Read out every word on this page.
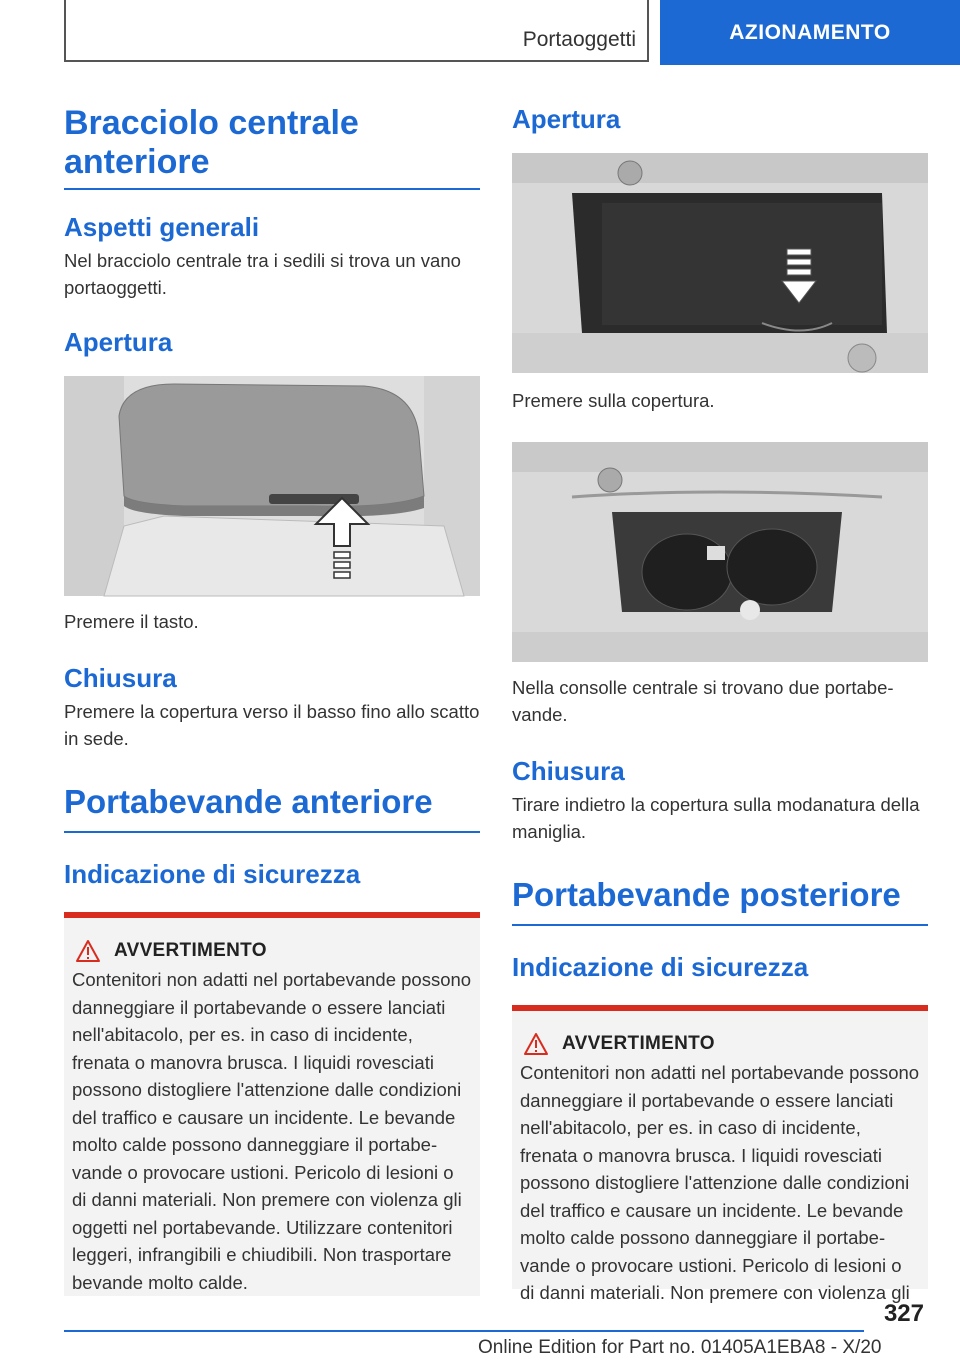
Portaoggetti	AZIONAMENTO
Bracciolo centrale anteriore
Aspetti generali

Nel bracciolo centrale tra i sedili si trova un vano portaoggetti.

Apertura

Premere il tasto.

Chiusura

Premere la copertura verso il basso fino allo scatto in sede.

Portabevande anteriore
Indicazione di sicurezza
AVVERTIMENTO

Contenitori non adatti nel portabevande possono danneggiare il portabevande o essere lanciati nell'abitacolo, per es. in caso di incidente, frenata o manovra brusca. I liquidi rovesciati possono distogliere l'attenzione dalle condizioni del traffico e causare un incidente. Le bevande molto calde possono danneggiare il portabevande o provocare ustioni. Pericolo di lesioni o di danni materiali. Non premere con violenza gli oggetti nel portabevande. Utilizzare contenitori leggeri, infrangibili e chiudibili. Non trasportare bevande molto calde.

Apertura

Premere sulla copertura.

Nella consolle centrale si trovano due portabevande.

Chiusura

Tirare indietro la copertura sulla modanatura della maniglia.

Portabevande posteriore
Indicazione di sicurezza
AVVERTIMENTO

Contenitori non adatti nel portabevande possono danneggiare il portabevande o essere lanciati nell'abitacolo, per es. in caso di incidente, frenata o manovra brusca. I liquidi rovesciati possono distogliere l'attenzione dalle condizioni del traffico e causare un incidente. Le bevande molto calde possono danneggiare il portabevande o provocare ustioni. Pericolo di lesioni o di danni materiali. Non premere con violenza gli

327
Online Edition for Part no. 01405A1EBA8 - X/20
